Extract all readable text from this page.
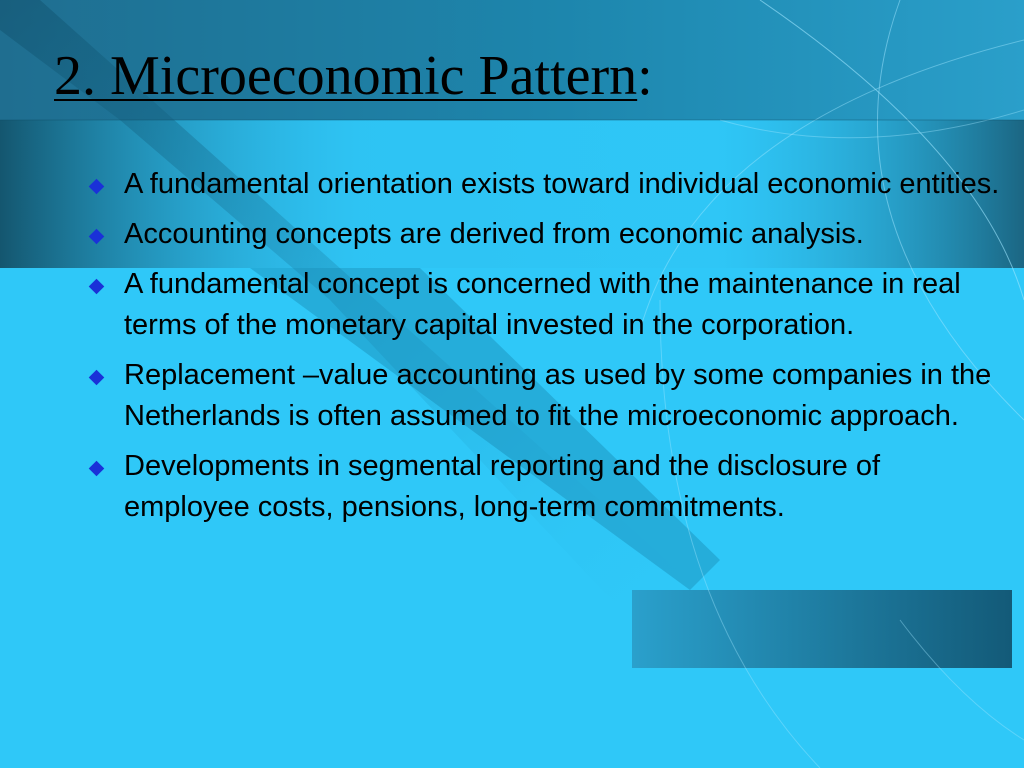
2. Microeconomic Pattern:
A fundamental orientation exists toward individual economic entities.
Accounting concepts are derived from economic analysis.
A fundamental concept is concerned with the maintenance in real terms of the monetary capital invested in the corporation.
Replacement –value accounting as used by some companies in the Netherlands is often assumed to fit the microeconomic approach.
Developments in segmental reporting and the disclosure of employee costs, pensions, long-term commitments.
